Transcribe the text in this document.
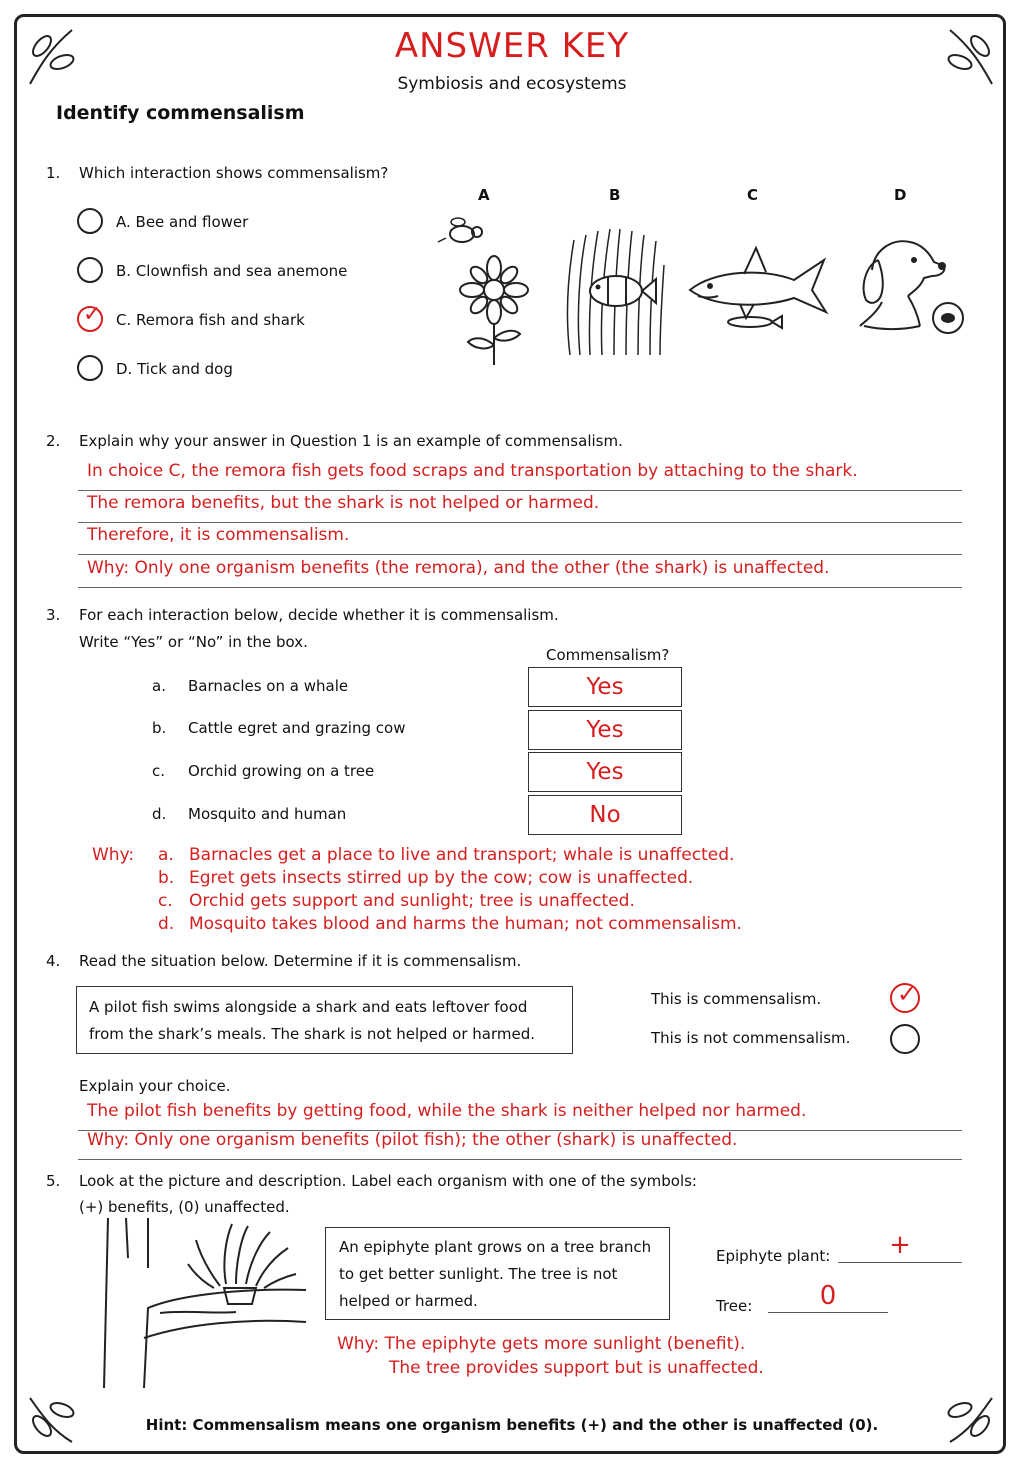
ANSWER KEY
Symbiosis and ecosystems
Identify commensalism
1. Which interaction shows commensalism?
A. Bee and flower
B. Clownfish and sea anemone
✓ C. Remora fish and shark
D. Tick and dog
A	B	C	D
2. Explain why your answer in Question 1 is an example of commensalism.
In choice C, the remora fish gets food scraps and transportation by attaching to the shark.
The remora benefits, but the shark is not helped or harmed.
Therefore, it is commensalism.
Why: Only one organism benefits (the remora), and the other (the shark) is unaffected.
3. For each interaction below, decide whether it is commensalism.
Write “Yes” or “No” in the box.
Commensalism?
a. Barnacles on a whale	Yes
b. Cattle egret and grazing cow	Yes
c. Orchid growing on a tree	Yes
d. Mosquito and human	No
Why: a. Barnacles get a place to live and transport; whale is unaffected.
b. Egret gets insects stirred up by the cow; cow is unaffected.
c. Orchid gets support and sunlight; tree is unaffected.
d. Mosquito takes blood and harms the human; not commensalism.
4. Read the situation below. Determine if it is commensalism.
A pilot fish swims alongside a shark and eats leftover food
from the shark’s meals. The shark is not helped or harmed.
This is commensalism.
This is not commensalism.
✓
Explain your choice.
The pilot fish benefits by getting food, while the shark is neither helped nor harmed.
Why: Only one organism benefits (pilot fish); the other (shark) is unaffected.
5. Look at the picture and description. Label each organism with one of the symbols:
(+) benefits, (0) unaffected.
An epiphyte plant grows on a tree branch
to get better sunlight. The tree is not
helped or harmed.
Epiphyte plant:	+
Tree:	0
Why: The epiphyte gets more sunlight (benefit).
The tree provides support but is unaffected.
Hint: Commensalism means one organism benefits (+) and the other is unaffected (0).
